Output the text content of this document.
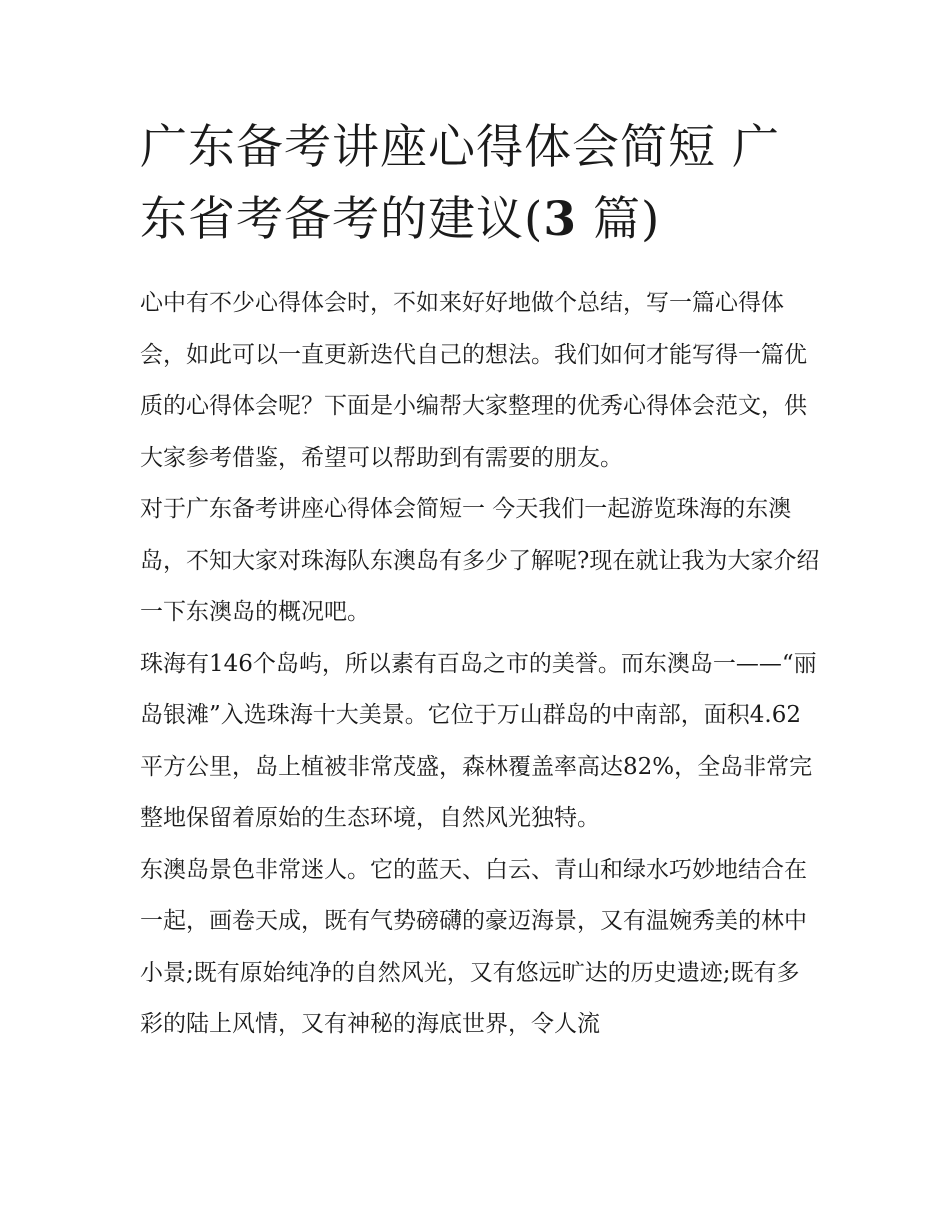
广东备考讲座心得体会简短 广东省考备考的建议(3 篇)

心中有不少心得体会时，不如来好好地做个总结，写一篇心得体会，如此可以一直更新迭代自己的想法。我们如何才能写得一篇优质的心得体会呢？下面是小编帮大家整理的优秀心得体会范文，供大家参考借鉴，希望可以帮助到有需要的朋友。

对于广东备考讲座心得体会简短一 今天我们一起游览珠海的东澳岛，不知大家对珠海队东澳岛有多少了解呢?现在就让我为大家介绍一下东澳岛的概况吧。

珠海有146个岛屿，所以素有百岛之市的美誉。而东澳岛一——“丽岛银滩”入选珠海十大美景。它位于万山群岛的中南部，面积4.62平方公里，岛上植被非常茂盛，森林覆盖率高达82%，全岛非常完整地保留着原始的生态环境，自然风光独特。

东澳岛景色非常迷人。它的蓝天、白云、青山和绿水巧妙地结合在一起，画卷天成，既有气势磅礴的豪迈海景，又有温婉秀美的林中小景;既有原始纯净的自然风光，又有悠远旷达的历史遗迹;既有多彩的陆上风情，又有神秘的海底世界，令人流
